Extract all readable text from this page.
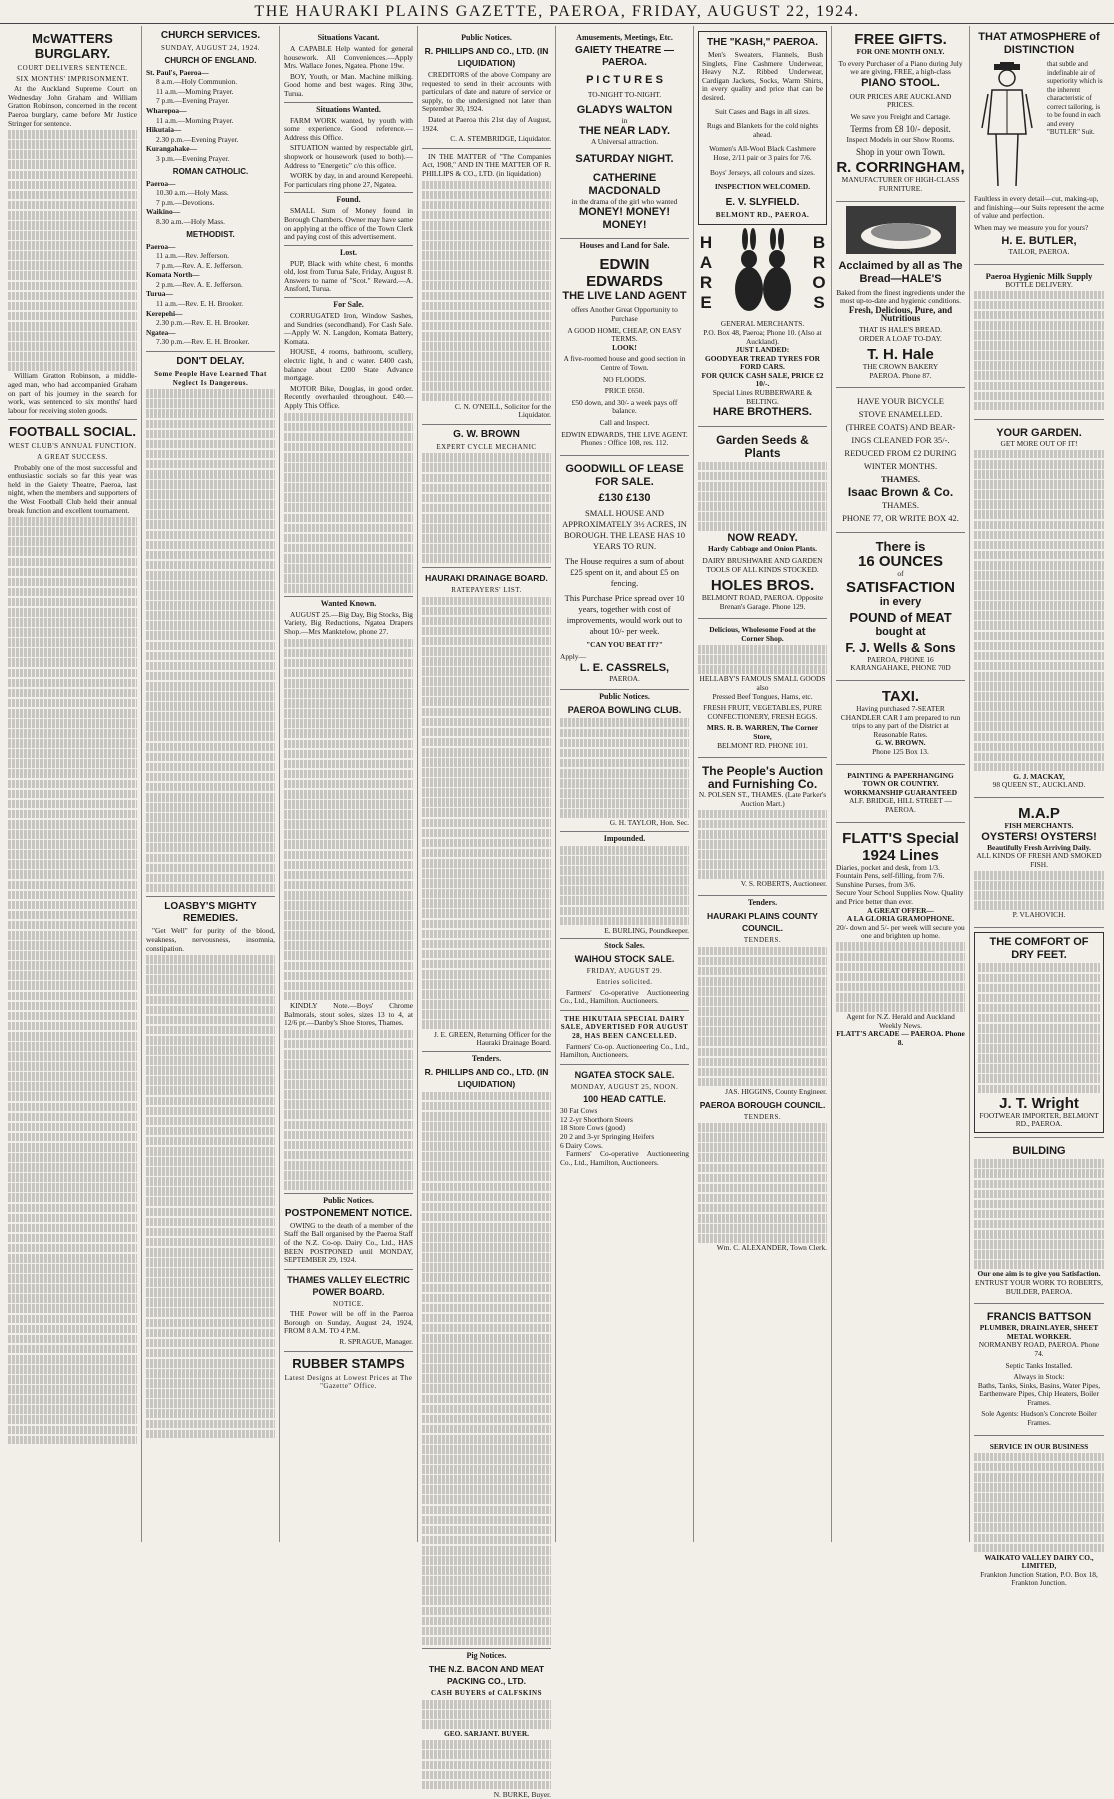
THE HAURAKI PLAINS GAZETTE, PAEROA, FRIDAY, AUGUST 22, 1924.
McWATTERS BURGLARY.
COURT DELIVERS SENTENCE.
SIX MONTHS' IMPRISONMENT.
At the Auckland Supreme Court on Wednesday John Graham and William Gratton Robinson, concerned in the recent Paeroa burglary, came before Mr Justice Stringer for sentence.
William Gratton Robinson, a middle-aged man, who had accompanied Graham on part of his journey in the search for work, was sentenced to six months' hard labour for receiving stolen goods.
FOOTBALL SOCIAL.
WEST CLUB'S ANNUAL FUNCTION.
A GREAT SUCCESS.
Probably one of the most successful and enthusiastic socials so far this year was held in the Gaiety Theatre, Paeroa, last night, when the members and supporters of the West Football Club held their annual break function and excellent tournament.
CHURCH SERVICES.
SUNDAY, AUGUST 24, 1924.
CHURCH OF ENGLAND.

St. Paul's, Paeroa—

8 a.m.—Holy Communion.

11 a.m.—Morning Prayer.

7 p.m.—Evening Prayer.

Wharepoa—

11 a.m.—Morning Prayer.

Hikutaia—

2.30 p.m.—Evening Prayer.

Kurangahake—

3 p.m.—Evening Prayer.

ROMAN CATHOLIC.

Paeroa—

10.30 a.m.—Holy Mass.

7 p.m.—Devotions.

Waikino—

8.30 a.m.—Holy Mass.

METHODIST.

Paeroa—

11 a.m.—Rev. Jefferson.

7 p.m.—Rev. A. E. Jefferson.

Komata North—

2 p.m.—Rev. A. E. Jefferson.

Turua—

11 a.m.—Rev. E. H. Brooker.

Kerepehi—

2.30 p.m.—Rev. E. H. Brooker.

Ngatea—

7.30 p.m.—Rev. E. H. Brooker.

DON'T DELAY.
Some People Have Learned That Neglect Is Dangerous.
LOASBY'S MIGHTY REMEDIES.
"Get Well" for purity of the blood, weakness, nervousness, insomnia, constipation.
Situations Vacant.
A CAPABLE Help wanted for general housework. All Conveniences.—Apply Mrs. Wallace Jones, Ngatea. Phone 19w.
BOY, Youth, or Man. Machine milking. Good home and best wages. Ring 30w, Turua.
Situations Wanted.
FARM WORK wanted, by youth with some experience. Good reference.—Address this Office.
SITUATION wanted by respectable girl, shopwork or housework (used to both).—Address to "Energetic" c/o this office.
WORK by day, in and around Kerepeehi. For particulars ring phone 27, Ngatea.
Found.
SMALL Sum of Money found in Borough Chambers. Owner may have same on applying at the office of the Town Clerk and paying cost of this advertisement.
Lost.
PUP, Black with white chest, 6 months old, lost from Turua Sale, Friday, August 8. Answers to name of "Scot." Reward.—A. Ansford, Turua.
For Sale.
CORRUGATED Iron, Window Sashes, and Sundries (secondhand). For Cash Sale.—Apply W. N. Langdon, Komata Battery, Komata.
HOUSE, 4 rooms, bathroom, scullery, electric light, h and c water. £400 cash, balance about £200 State Advance mortgage.
MOTOR Bike, Douglas, in good order. Recently overhauled throughout. £40.—Apply This Office.
Wanted Known.
AUGUST 25.—Big Day, Big Stocks, Big Variety, Big Reductions, Ngatea Drapers Shop.—Mrs Manktelow, phone 27.
KINDLY Note.—Boys' Chrome Balmorals, stout soles, sizes 13 to 4, at 12/6 pr.—Danby's Shoe Stores, Thames.
Public Notices.
POSTPONEMENT NOTICE.
OWING to the death of a member of the Staff the Ball organised by the Paeroa Staff of the N.Z. Co-op. Dairy Co., Ltd., HAS BEEN POSTPONED until MONDAY, SEPTEMBER 29, 1924.
THAMES VALLEY ELECTRIC POWER BOARD.
NOTICE.
THE Power will be off in the Paeroa Borough on Sunday, August 24, 1924, FROM 8 A.M. TO 4 P.M.
R. SPRAGUE, Manager.
RUBBER STAMPS
Latest Designs at Lowest Prices at The "Gazette" Office.
Public Notices.
R. PHILLIPS AND CO., LTD. (IN LIQUIDATION)
CREDITORS of the above Company are requested to send in their accounts with particulars of date and nature of service or supply, to the undersigned not later than September 30, 1924.
Dated at Paeroa this 21st day of August, 1924.
C. A. STEMBRIDGE, Liquidator.
IN THE MATTER of "The Companies Act, 1908," AND IN THE MATTER OF R. PHILLIPS & CO., LTD. (in liquidation)
C. N. O'NEILL, Solicitor for the Liquidator.
G. W. BROWN
EXPERT CYCLE MECHANIC
HAURAKI DRAINAGE BOARD.
RATEPAYERS' LIST.
J. E. GREEN, Returning Officer for the Hauraki Drainage Board.
Tenders.
R. PHILLIPS AND CO., LTD. (IN LIQUIDATION)
Pig Notices.
THE N.Z. BACON AND MEAT PACKING CO., LTD.
CASH BUYERS of CALFSKINS
GEO. SARJANT. BUYER.
N. BURKE, Buyer.
Amusements, Meetings, Etc.
GAIETY THEATRE — PAEROA.
P I C T U R E S
TO-NIGHT TO-NIGHT.
GLADYS WALTON
in
THE NEAR LADY.
A Universal attraction.
SATURDAY NIGHT.
CATHERINE MACDONALD
in the drama of the girl who wanted
MONEY! MONEY! MONEY!
Houses and Land for Sale.
EDWIN EDWARDS
THE LIVE LAND AGENT
offers Another Great Opportunity to Purchase
A GOOD HOME, CHEAP, ON EASY TERMS.
LOOK!
A five-roomed house and good section in Centre of Town.
NO FLOODS.
PRICE £650.
£50 down, and 30/- a week pays off balance.
Call and Inspect.
EDWIN EDWARDS, THE LIVE AGENT.
Phones : Office 108, res. 112.
GOODWILL OF LEASE FOR SALE.
£130 £130
SMALL HOUSE AND APPROXIMATELY 3½ ACRES, IN BOROUGH. THE LEASE HAS 10 YEARS TO RUN.
The House requires a sum of about £25 spent on it, and about £5 on fencing.
This Purchase Price spread over 10 years, together with cost of improvements, would work out to about 10/- per week.
"CAN YOU BEAT IT?"
Apply—
L. E. CASSRELS,
PAEROA.
Public Notices.
PAEROA BOWLING CLUB.
G. H. TAYLOR, Hon. Sec.
Impounded.
E. BURLING, Poundkeeper.
Stock Sales.
WAIHOU STOCK SALE.
FRIDAY, AUGUST 29.
Entries solicited.
Farmers' Co-operative Auctioneering Co., Ltd., Hamilton. Auctioneers.
THE HIKUTAIA SPECIAL DAIRY SALE, ADVERTISED FOR AUGUST 28, HAS BEEN CANCELLED.
Farmers' Co-op. Auctioneering Co., Ltd., Hamilton, Auctioneers.
NGATEA STOCK SALE.
MONDAY, AUGUST 25, NOON.
100 HEAD CATTLE.
30 Fat Cows
12 2-yr Shorthorn Steers
18 Store Cows (good)
20 2 and 3-yr Springing Heifers
6 Dairy Cows.
Farmers' Co-operative Auctioneering Co., Ltd., Hamilton, Auctioneers.
THE "KASH," PAEROA.
Men's Sweaters, Flannels, Bush Singlets, Fine Cashmere Underwear, Heavy N.Z. Ribbed Underwear, Cardigan Jackets, Socks, Warm Shirts, in every quality and price that can be desired.
Suit Cases and Bags in all sizes.
Rugs and Blankets for the cold nights ahead.
Women's All-Wool Black Cashmere Hose, 2/11 pair or 3 pairs for 7/6.
Boys' Jerseys, all colours and sizes.
INSPECTION WELCOMED.
E. V. SLYFIELD.
BELMONT RD., PAEROA.
H A R E
B R O S
GENERAL MERCHANTS.
P.O. Box 48, Paeroa; Phone 10. (Also at Auckland).
JUST LANDED:
GOODYEAR TREAD TYRES FOR FORD CARS.
FOR QUICK CASH SALE, PRICE £2 10/-.
Special Lines RUBBERWARE & BELTING.
HARE BROTHERS.
Garden Seeds & Plants
NOW READY.
Hardy Cabbage and Onion Plants.
DAIRY BRUSHWARE AND GARDEN TOOLS OF ALL KINDS STOCKED.
HOLES BROS.
BELMONT ROAD, PAEROA. Opposite Brenan's Garage. Phone 129.
Delicious, Wholesome Food at the Corner Shop.
HELLABY'S FAMOUS SMALL GOODS
also
Pressed Beef Tongues, Hams, etc.
FRESH FRUIT, VEGETABLES, PURE CONFECTIONERY, FRESH EGGS.
MRS. R. B. WARREN, The Corner Store,
BELMONT RD. PHONE 101.
The People's Auction and Furnishing Co.
N. POLSEN ST., THAMES. (Late Parker's Auction Mart.)
V. S. ROBERTS, Auctioneer.
Tenders.
HAURAKI PLAINS COUNTY COUNCIL.
TENDERS.
JAS. HIGGINS, County Engineer.
PAEROA BOROUGH COUNCIL.
TENDERS.
Wm. C. ALEXANDER, Town Clerk.
FREE GIFTS.
FOR ONE MONTH ONLY.
To every Purchaser of a Piano during July we are giving, FREE, a high-class
PIANO STOOL.
OUR PRICES ARE AUCKLAND PRICES.
We save you Freight and Cartage.
Terms from £8 10/- deposit.
Inspect Models in our Show Rooms.
Shop in your own Town.
R. CORRINGHAM,
MANUFACTURER OF HIGH-CLASS FURNITURE.
Acclaimed by all as The Bread—HALE'S
Baked from the finest ingredients under the most up-to-date and hygienic conditions.
Fresh, Delicious, Pure, and Nutritious
THAT IS HALE'S BREAD.
ORDER A LOAF TO-DAY.
T. H. Hale
THE CROWN BAKERY
PAEROA. Phone 87.
HAVE YOUR BICYCLE
STOVE ENAMELLED.
(THREE COATS) AND BEAR-
INGS CLEANED FOR 35/-.
REDUCED FROM £2 DURING
WINTER MONTHS.
THAMES.
Isaac Brown & Co.
THAMES.
PHONE 77, OR WRITE BOX 42.
There is
16 OUNCES
of
SATISFACTION
in every
POUND of MEAT
bought at
F. J. Wells & Sons
PAEROA, PHONE 16
KARANGAHAKE, PHONE 70D
TAXI.
Having purchased 7-SEATER CHANDLER CAR I am prepared to run trips to any part of the District at Reasonable Rates.
G. W. BROWN.
Phone 125 Box 13.
PAINTING & PAPERHANGING TOWN OR COUNTRY.
WORKMANSHIP GUARANTEED
ALF. BRIDGE, HILL STREET — PAEROA.
FLATT'S Special 1924 Lines
Diaries, pocket and desk, from 1/3.
Fountain Pens, self-filling, from 7/6.
Sunshine Purses, from 3/6.
Secure Your School Supplies Now. Quality and Price better than ever.
A GREAT OFFER—
A LA GLORIA GRAMOPHONE.
20/- down and 5/- per week will secure you one and brighten up home.
Agent for N.Z. Herald and Auckland Weekly News.
FLATT'S ARCADE — PAEROA. Phone 8.
THAT ATMOSPHERE of DISTINCTION
that subtle and indefinable air of superiority which is the inherent characteristic of correct tailoring, is to be found in each and every "BUTLER" Suit.
Faultless in every detail—cut, making-up, and finishing—our Suits represent the acme of value and perfection.
When may we measure you for yours?
H. E. BUTLER,
TAILOR, PAEROA.
Paeroa Hygienic Milk Supply
BOTTLE DELIVERY.
YOUR GARDEN.
GET MORE OUT OF IT!
G. J. MACKAY,
98 QUEEN ST., AUCKLAND.
M.A.P
FISH MERCHANTS.
OYSTERS! OYSTERS!
Beautifully Fresh Arriving Daily.
ALL KINDS OF FRESH AND SMOKED FISH.
P. VLAHOVICH.
THE COMFORT OF DRY FEET.
J. T. Wright
FOOTWEAR IMPORTER, BELMONT RD., PAEROA.
BUILDING
Our one aim is to give you Satisfaction.
ENTRUST YOUR WORK TO ROBERTS,
BUILDER, PAEROA.
FRANCIS BATTSON
PLUMBER, DRAINLAYER, SHEET METAL WORKER.
NORMANBY ROAD, PAEROA. Phone 74.
Septic Tanks Installed.
Always in Stock:
Baths, Tanks, Sinks, Basins, Water Pipes, Earthenware Pipes, Chip Heaters, Boiler Frames.
Sole Agents: Hudson's Concrete Boiler Frames.
SERVICE IN OUR BUSINESS
WAIKATO VALLEY DAIRY CO., LIMITED,
Frankton Junction Station, P.O. Box 18, Frankton Junction.
